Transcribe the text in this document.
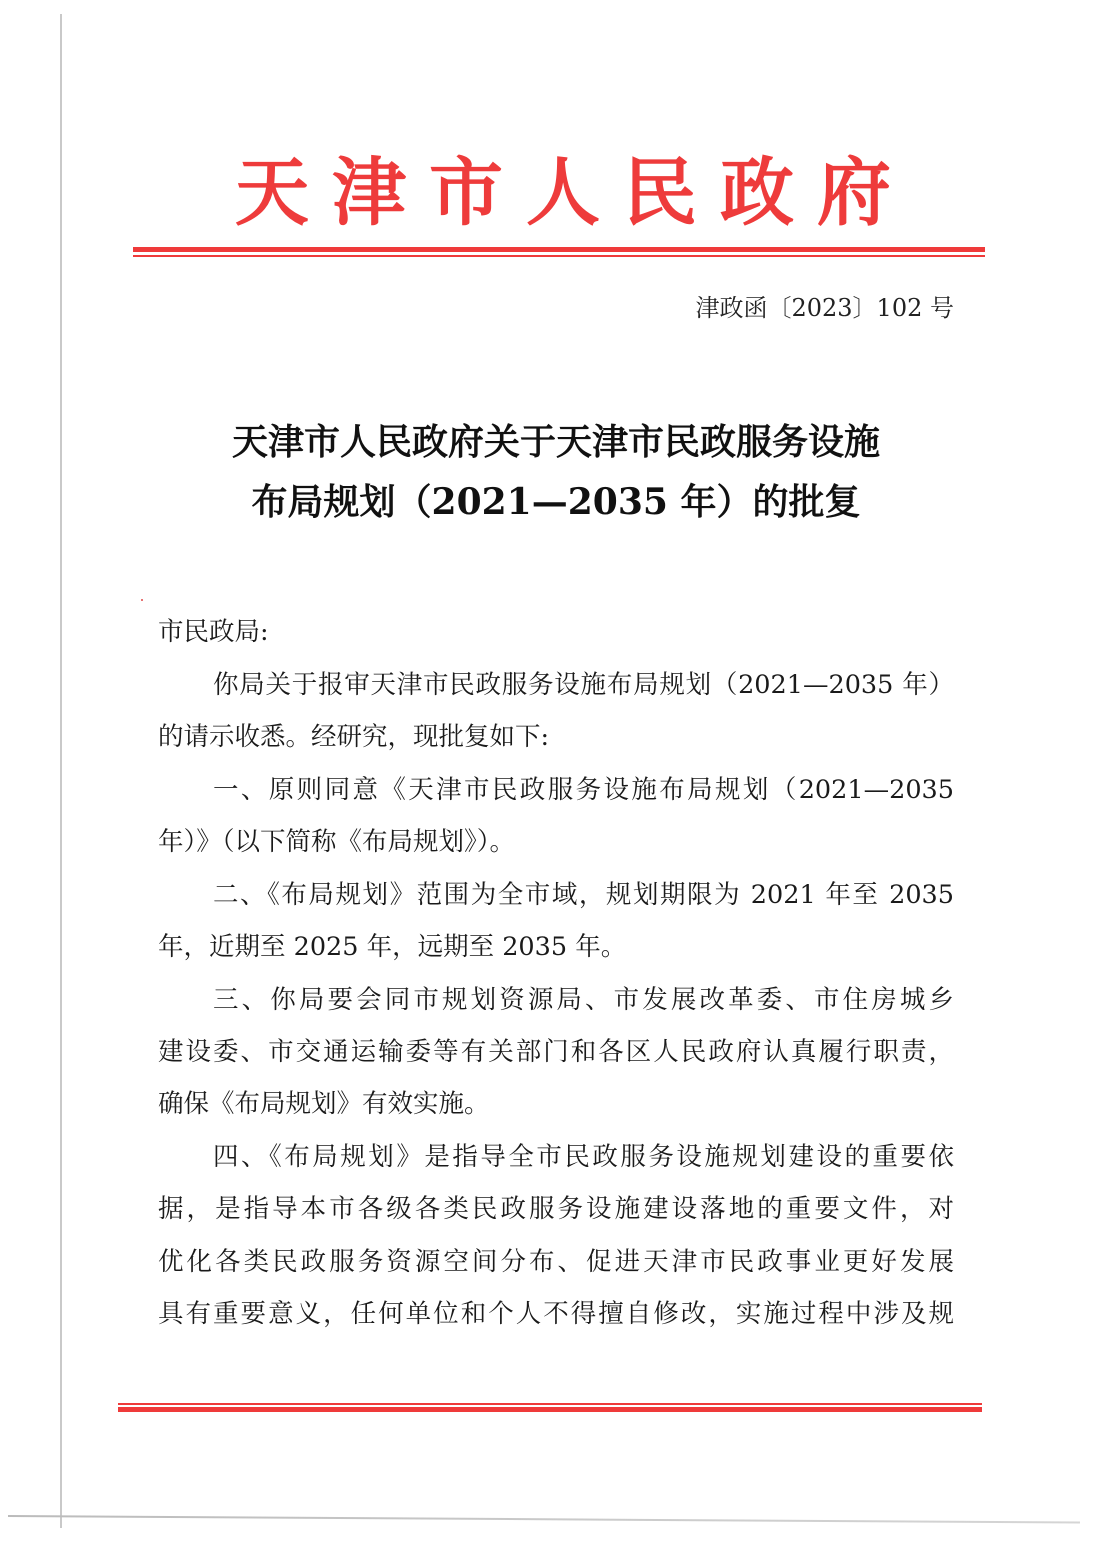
天津市人民政府
津政函〔2023〕102 号
天津市人民政府关于天津市民政服务设施
布局规划（2021—2035 年）的批复
市民政局:
你局关于报审天津市民政服务设施布局规划（2021—2035 年）
的请示收悉。经研究，现批复如下:
一、原则同意《天津市民政服务设施布局规划（2021—2035
年）》（以下简称《布局规划》）。
二、《布局规划》范围为全市域，规划期限为 2021 年至 2035
年，近期至 2025 年，远期至 2035 年。
三、你局要会同市规划资源局、市发展改革委、市住房城乡
建设委、市交通运输委等有关部门和各区人民政府认真履行职责，
确保《布局规划》有效实施。
四、《布局规划》是指导全市民政服务设施规划建设的重要依
据，是指导本市各级各类民政服务设施建设落地的重要文件，对
优化各类民政服务资源空间分布、促进天津市民政事业更好发展
具有重要意义，任何单位和个人不得擅自修改，实施过程中涉及规
